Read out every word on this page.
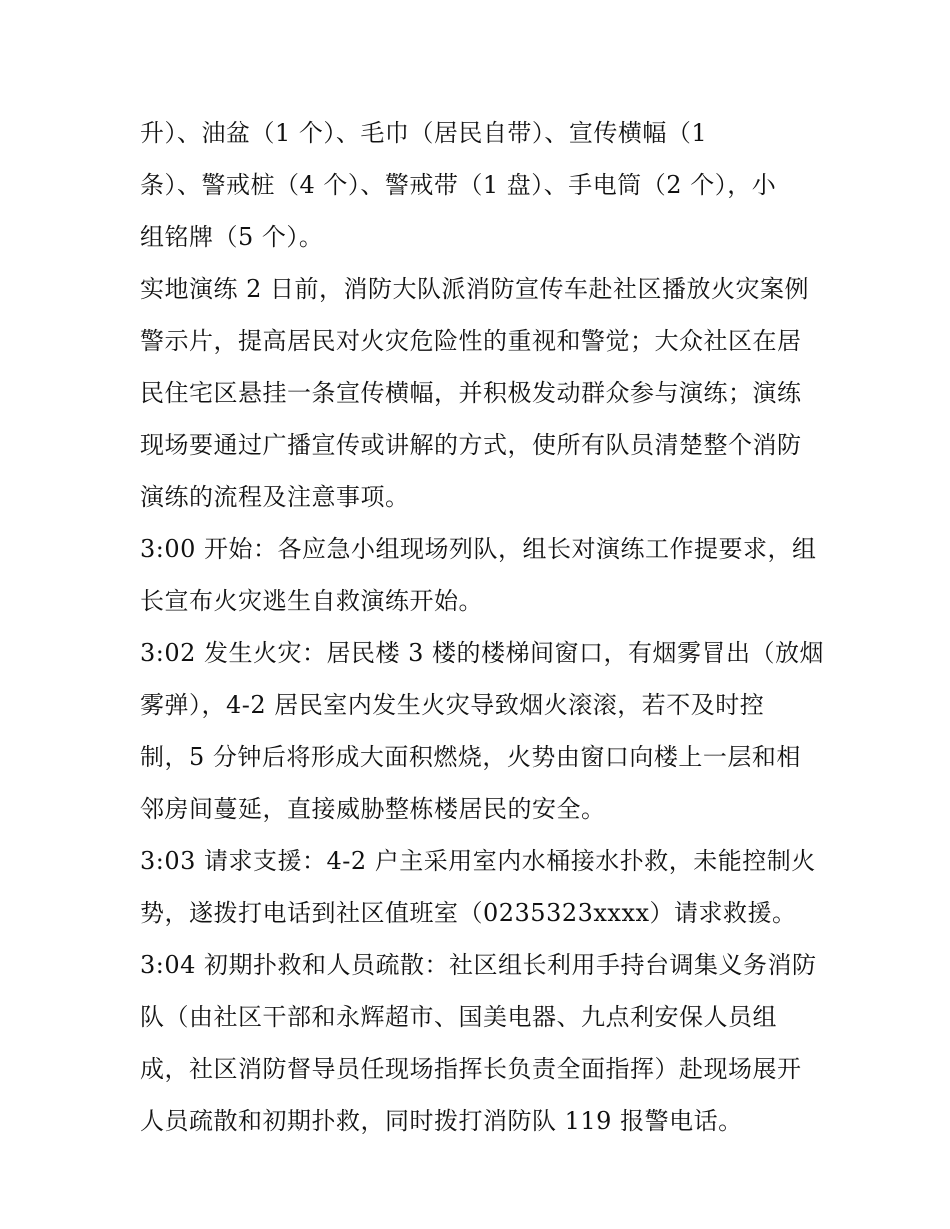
升）、油盆（1 个）、毛巾（居民自带）、宣传横幅（1
条）、警戒桩（4 个）、警戒带（1 盘）、手电筒（2 个），小
组铭牌（5 个）。
实地演练 2 日前，消防大队派消防宣传车赴社区播放火灾案例
警示片，提高居民对火灾危险性的重视和警觉；大众社区在居
民住宅区悬挂一条宣传横幅，并积极发动群众参与演练；演练
现场要通过广播宣传或讲解的方式，使所有队员清楚整个消防
演练的流程及注意事项。
3:00 开始：各应急小组现场列队，组长对演练工作提要求，组
长宣布火灾逃生自救演练开始。
3:02 发生火灾：居民楼 3 楼的楼梯间窗口，有烟雾冒出（放烟
雾弹），4-2 居民室内发生火灾导致烟火滚滚，若不及时控
制，5 分钟后将形成大面积燃烧，火势由窗口向楼上一层和相
邻房间蔓延，直接威胁整栋楼居民的安全。
3:03 请求支援：4-2 户主采用室内水桶接水扑救，未能控制火
势，遂拨打电话到社区值班室（0235323xxxx）请求救援。
3:04 初期扑救和人员疏散：社区组长利用手持台调集义务消防
队（由社区干部和永辉超市、国美电器、九点利安保人员组
成，社区消防督导员任现场指挥长负责全面指挥）赴现场展开
人员疏散和初期扑救，同时拨打消防队 119 报警电话。
